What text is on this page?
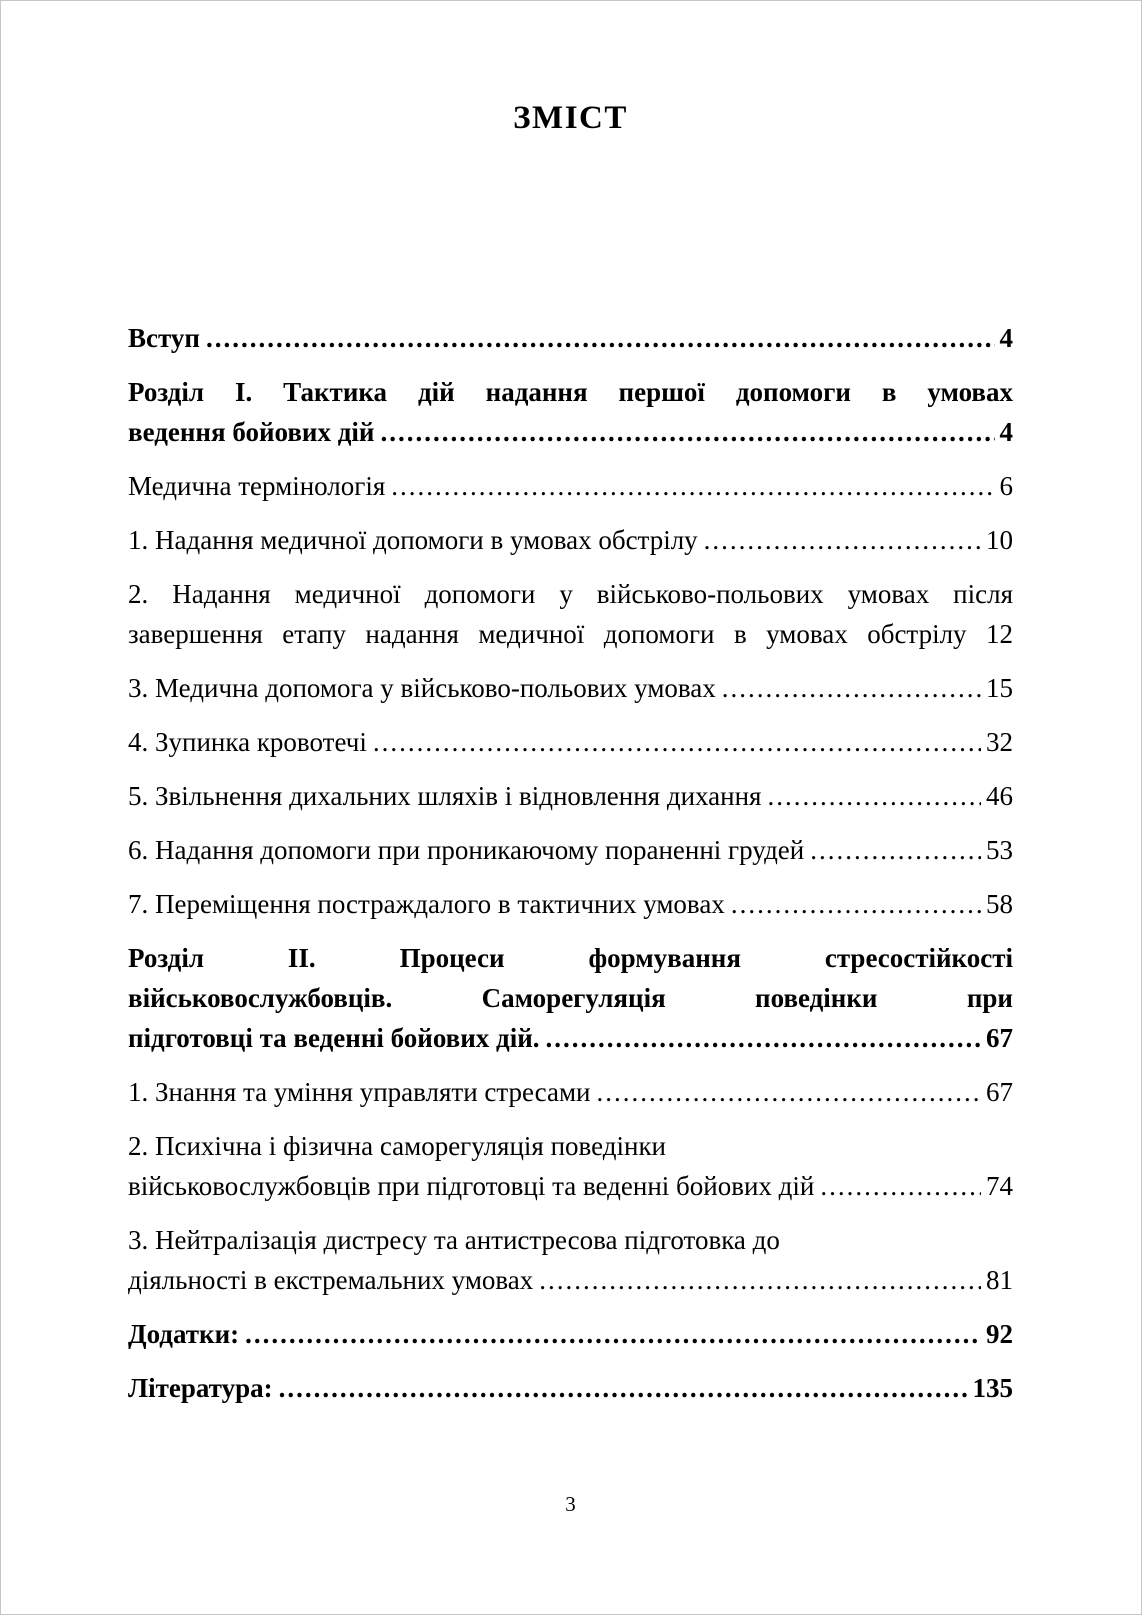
ЗМІСТ
Вступ .....	4
Розділ I. Тактика дій надання першої допомоги в умовах
ведення бойових дій .....	4
Медична термінологія .....	6
1. Надання медичної допомоги в умовах обстрілу .....	10
2. Надання медичної допомоги у військово-польових умовах після
завершення етапу надання медичної допомоги в умовах обстрілу 12
3. Медична допомога у військово-польових умовах .....	15
4. Зупинка кровотечі .....	32
5. Звільнення дихальних шляхів і відновлення дихання .....	46
6. Надання допомоги при проникаючому пораненні грудей .....	53
7. Переміщення постраждалого в тактичних умовах .....	58
Розділ II. Процеси формування стресостійкості
військовослужбовців. Саморегуляція поведінки при
підготовці та веденні бойових дій. .....	67
1. Знання та уміння управляти стресами .....	67
2. Психічна і фізична саморегуляція поведінки
військовослужбовців при підготовці та веденні бойових дій .....	74
3. Нейтралізація дистресу та антистресова підготовка до
діяльності в екстремальних умовах .....	81
Додатки: .....	92
Література: .....	135
3
